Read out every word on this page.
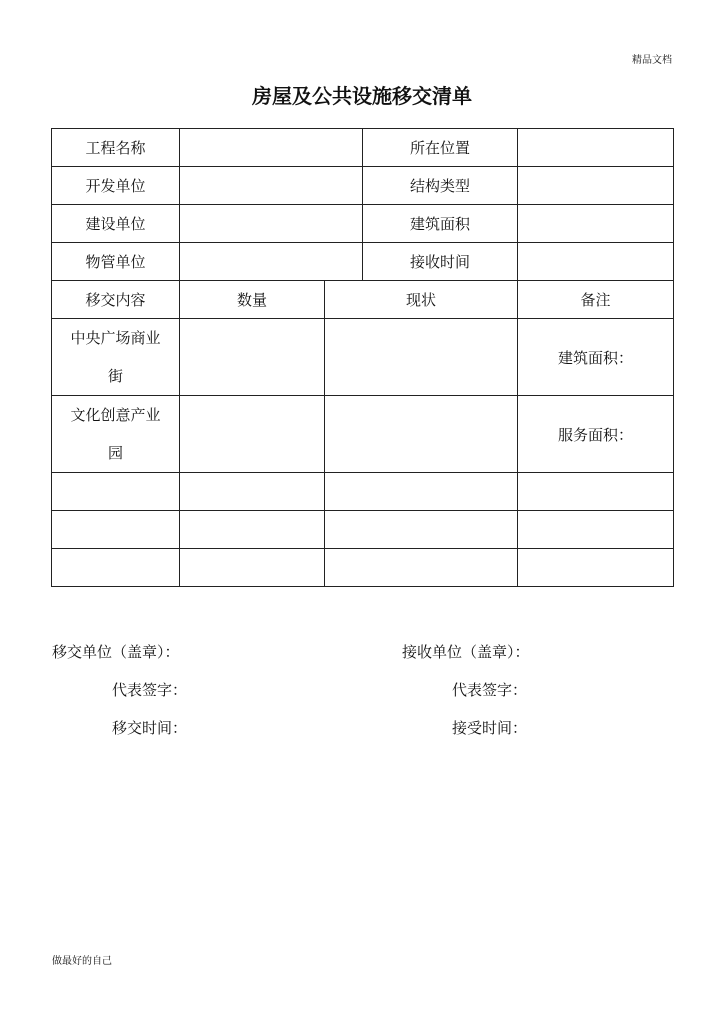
精品文档
房屋及公共设施移交清单
工程名称			所在位置	
开发单位			结构类型	
建设单位			建筑面积	
物管单位			接收时间	
移交内容	数量	现状		备注
中央广场商业
街				建筑面积：
文化创意产业
园				服务面积：

移交单位（盖章）：	接收单位（盖章）：
代表签字：	代表签字：
移交时间：	接受时间：
做最好的自己
